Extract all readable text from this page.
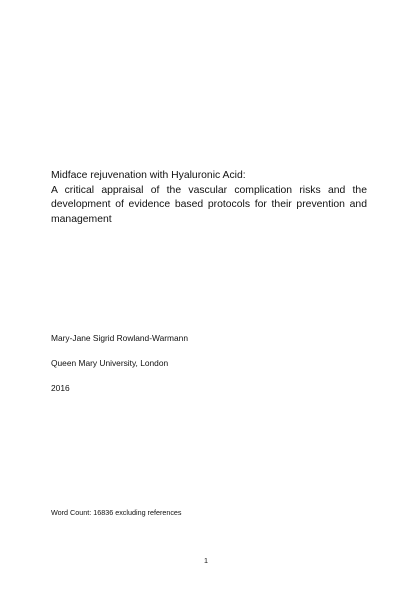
Midface rejuvenation with Hyaluronic Acid:
A critical appraisal of the vascular complication risks and the development of evidence based protocols for their prevention and management
Mary-Jane Sigrid Rowland-Warmann
Queen Mary University, London
2016
Word Count: 16836 excluding references
1
